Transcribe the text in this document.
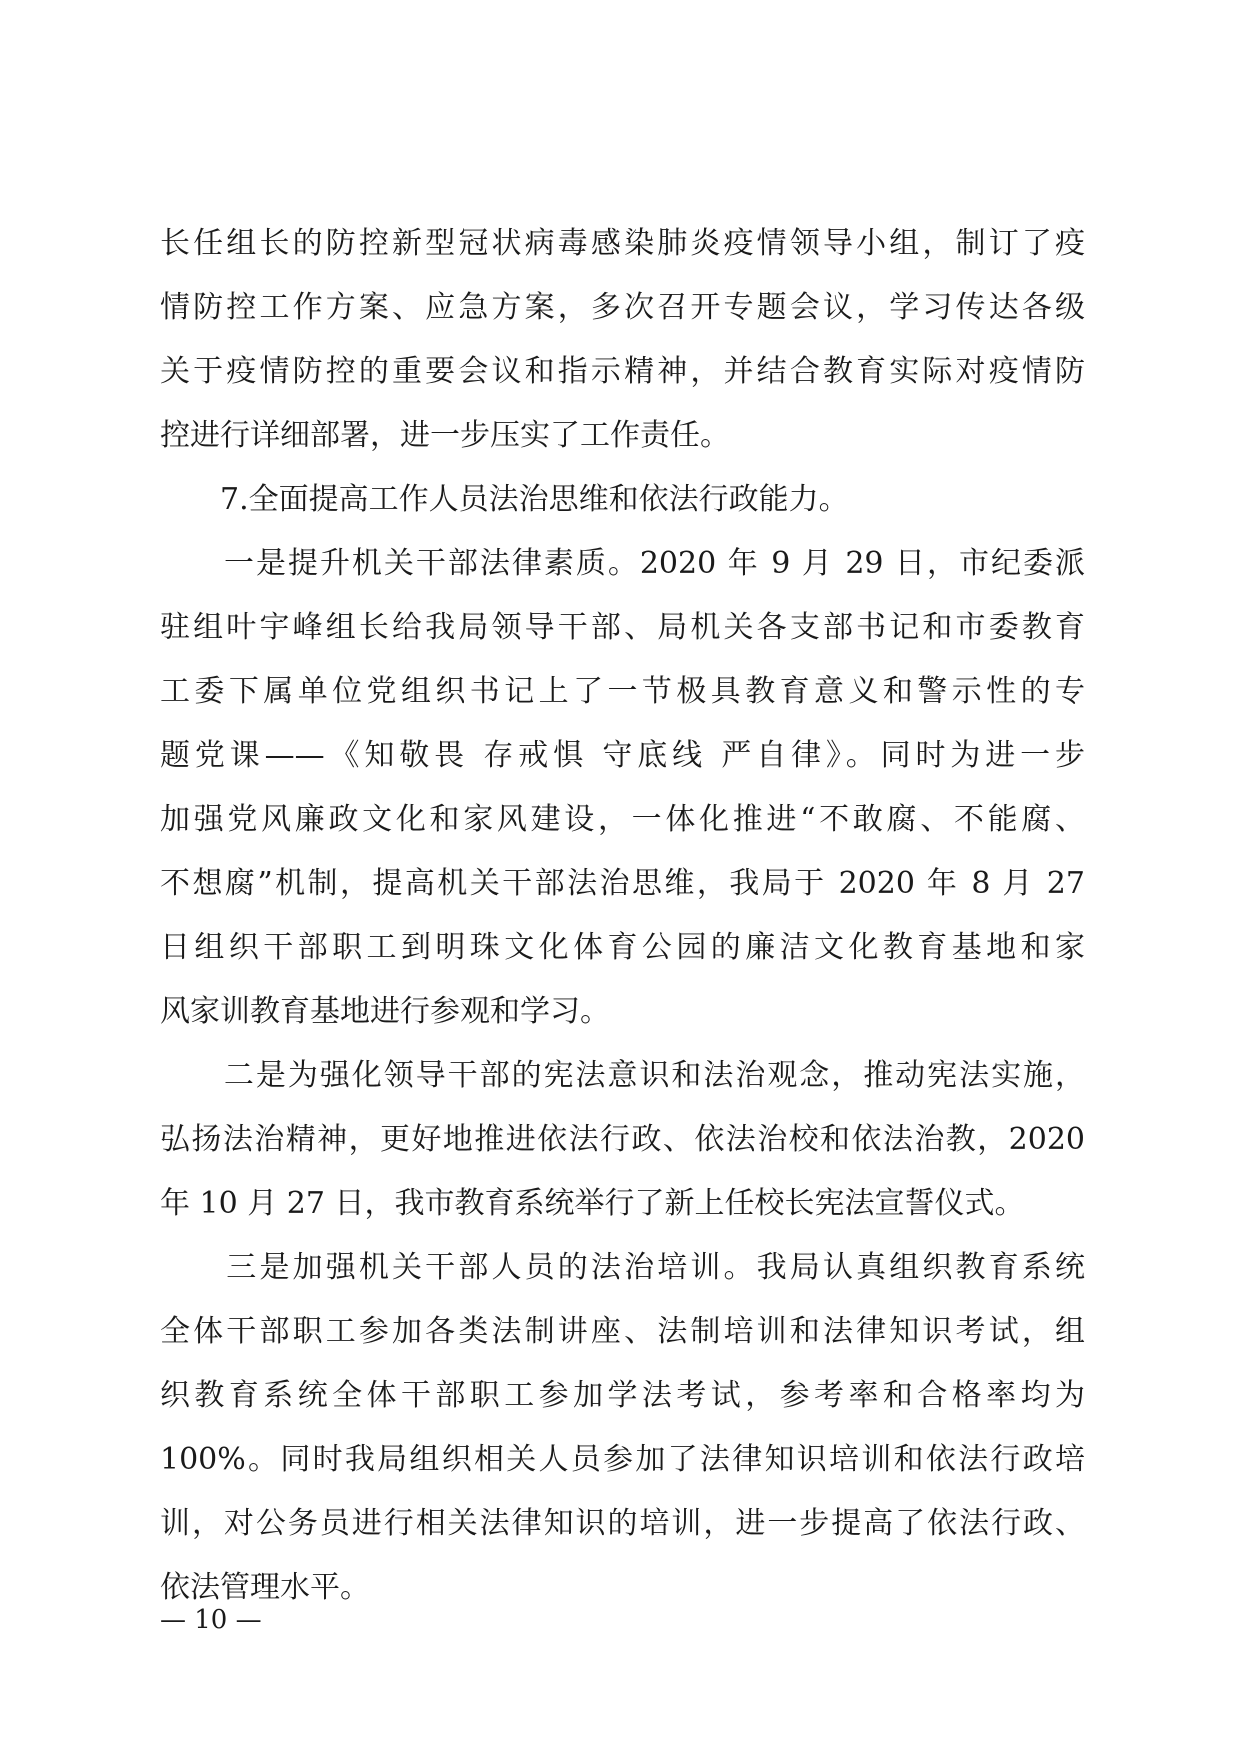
长任组长的防控新型冠状病毒感染肺炎疫情领导小组，制订了疫
情防控工作方案、应急方案，多次召开专题会议，学习传达各级
关于疫情防控的重要会议和指示精神，并结合教育实际对疫情防
控进行详细部署，进一步压实了工作责任。
　　7.全面提高工作人员法治思维和依法行政能力。
　　一是提升机关干部法律素质。2020 年 9 月 29 日，市纪委派
驻组叶宇峰组长给我局领导干部、局机关各支部书记和市委教育
工委下属单位党组织书记上了一节极具教育意义和警示性的专
题党课——《知敬畏 存戒惧 守底线 严自律》。同时为进一步
加强党风廉政文化和家风建设，一体化推进“不敢腐、不能腐、
不想腐”机制，提高机关干部法治思维，我局于 2020 年 8 月 27
日组织干部职工到明珠文化体育公园的廉洁文化教育基地和家
风家训教育基地进行参观和学习。
　　二是为强化领导干部的宪法意识和法治观念，推动宪法实施，
弘扬法治精神，更好地推进依法行政、依法治校和依法治教，2020
年 10 月 27 日，我市教育系统举行了新上任校长宪法宣誓仪式。
　　三是加强机关干部人员的法治培训。我局认真组织教育系统
全体干部职工参加各类法制讲座、法制培训和法律知识考试，组
织教育系统全体干部职工参加学法考试，参考率和合格率均为
100%。同时我局组织相关人员参加了法律知识培训和依法行政培
训，对公务员进行相关法律知识的培训，进一步提高了依法行政、
依法管理水平。
— 10 —
